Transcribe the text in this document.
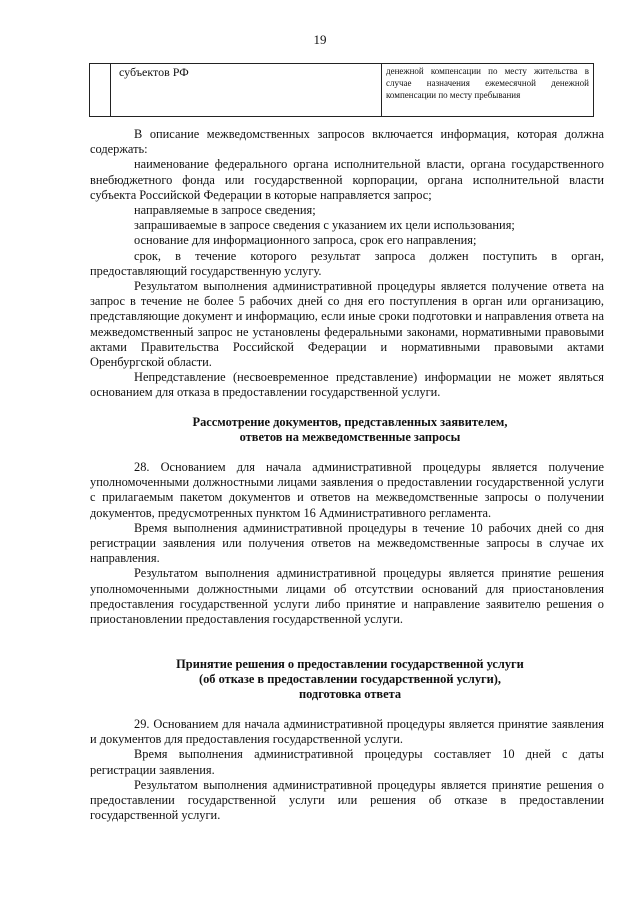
19
	субъектов РФ	денежной компенсации по месту жительства в случае назначения ежемесячной денежной компенсации по месту пребывания

В описание межведомственных запросов включается информация, которая должна содержать:

наименование федерального органа исполнительной власти, органа государственного внебюджетного фонда или государственной корпорации, органа исполнительной власти субъекта Российской Федерации в которые направляется запрос;

направляемые в запросе сведения;

запрашиваемые в запросе сведения с указанием их цели использования;

основание для информационного запроса, срок его направления;

срок, в течение которого результат запроса должен поступить в орган, предоставляющий государственную услугу.

Результатом выполнения административной процедуры является получение ответа на запрос в течение не более 5 рабочих дней со дня его поступления в орган или организацию, представляющие документ и информацию, если иные сроки подготовки и направления ответа на межведомственный запрос не установлены федеральными законами, нормативными правовыми актами Правительства Российской Федерации и нормативными правовыми актами Оренбургской области.

Непредставление (несвоевременное представление) информации не может являться основанием для отказа в предоставлении государственной услуги.

Рассмотрение документов, представленных заявителем,
ответов на межведомственные запросы

28. Основанием для начала административной процедуры является получение уполномоченными должностными лицами заявления о предоставлении государственной услуги с прилагаемым пакетом документов и ответов на межведомственные запросы о получении документов, предусмотренных пунктом 16 Административного регламента.

Время выполнения административной процедуры в течение 10 рабочих дней со дня регистрации заявления или получения ответов на межведомственные запросы в случае их направления.

Результатом выполнения административной процедуры является принятие решения уполномоченными должностными лицами об отсутствии оснований для приостановления предоставления государственной услуги либо принятие и направление заявителю решения о приостановлении предоставления государственной услуги.

Принятие решения о предоставлении государственной услуги
(об отказе в предоставлении государственной услуги),
подготовка ответа

29. Основанием для начала административной процедуры является принятие заявления и документов для предоставления государственной услуги.

Время выполнения административной процедуры составляет 10 дней с даты регистрации заявления.

Результатом выполнения административной процедуры является принятие решения о предоставлении государственной услуги или решения об отказе в предоставлении государственной услуги.
